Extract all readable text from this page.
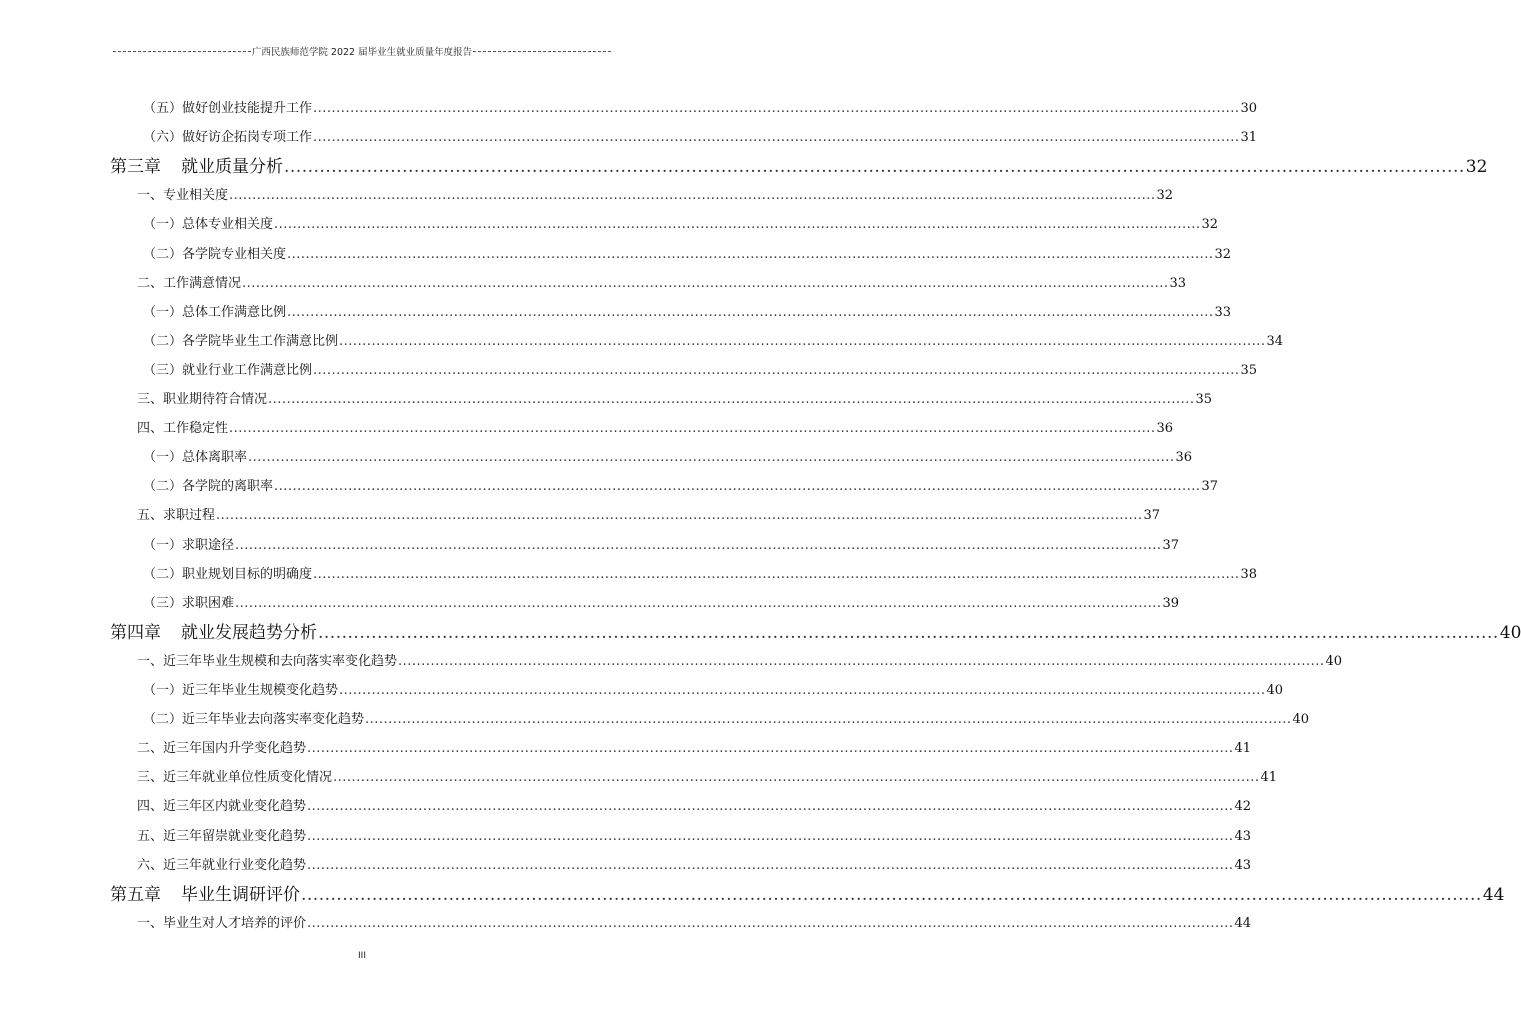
广西民族师范学院 2022 届毕业生就业质量年度报告
（五）做好创业技能提升工作 ........................................................................................................................................................................................................ 30
（六）做好访企拓岗专项工作 ........................................................................................................................................................................................................ 31
第三章 就业质量分析 ........................................................................................................................................................................................................ 32
一、专业相关度 ........................................................................................................................................................................................................ 32
（一）总体专业相关度 ........................................................................................................................................................................................................ 32
（二）各学院专业相关度 ........................................................................................................................................................................................................ 32
二、工作满意情况 ........................................................................................................................................................................................................ 33
（一）总体工作满意比例 ........................................................................................................................................................................................................ 33
（二）各学院毕业生工作满意比例 ........................................................................................................................................................................................................ 34
（三）就业行业工作满意比例 ........................................................................................................................................................................................................ 35
三、职业期待符合情况 ........................................................................................................................................................................................................ 35
四、工作稳定性 ........................................................................................................................................................................................................ 36
（一）总体离职率 ........................................................................................................................................................................................................ 36
（二）各学院的离职率 ........................................................................................................................................................................................................ 37
五、求职过程 ........................................................................................................................................................................................................ 37
（一）求职途径 ........................................................................................................................................................................................................ 37
（二）职业规划目标的明确度 ........................................................................................................................................................................................................ 38
（三）求职困难 ........................................................................................................................................................................................................ 39
第四章 就业发展趋势分析 ........................................................................................................................................................................................................ 40
一、近三年毕业生规模和去向落实率变化趋势 ........................................................................................................................................................................................................ 40
（一）近三年毕业生规模变化趋势 ........................................................................................................................................................................................................ 40
（二）近三年毕业去向落实率变化趋势 ........................................................................................................................................................................................................ 40
二、近三年国内升学变化趋势 ........................................................................................................................................................................................................ 41
三、近三年就业单位性质变化情况 ........................................................................................................................................................................................................ 41
四、近三年区内就业变化趋势 ........................................................................................................................................................................................................ 42
五、近三年留崇就业变化趋势 ........................................................................................................................................................................................................ 43
六、近三年就业行业变化趋势 ........................................................................................................................................................................................................ 43
第五章 毕业生调研评价 ........................................................................................................................................................................................................ 44
一、毕业生对人才培养的评价 ........................................................................................................................................................................................................ 44
III
